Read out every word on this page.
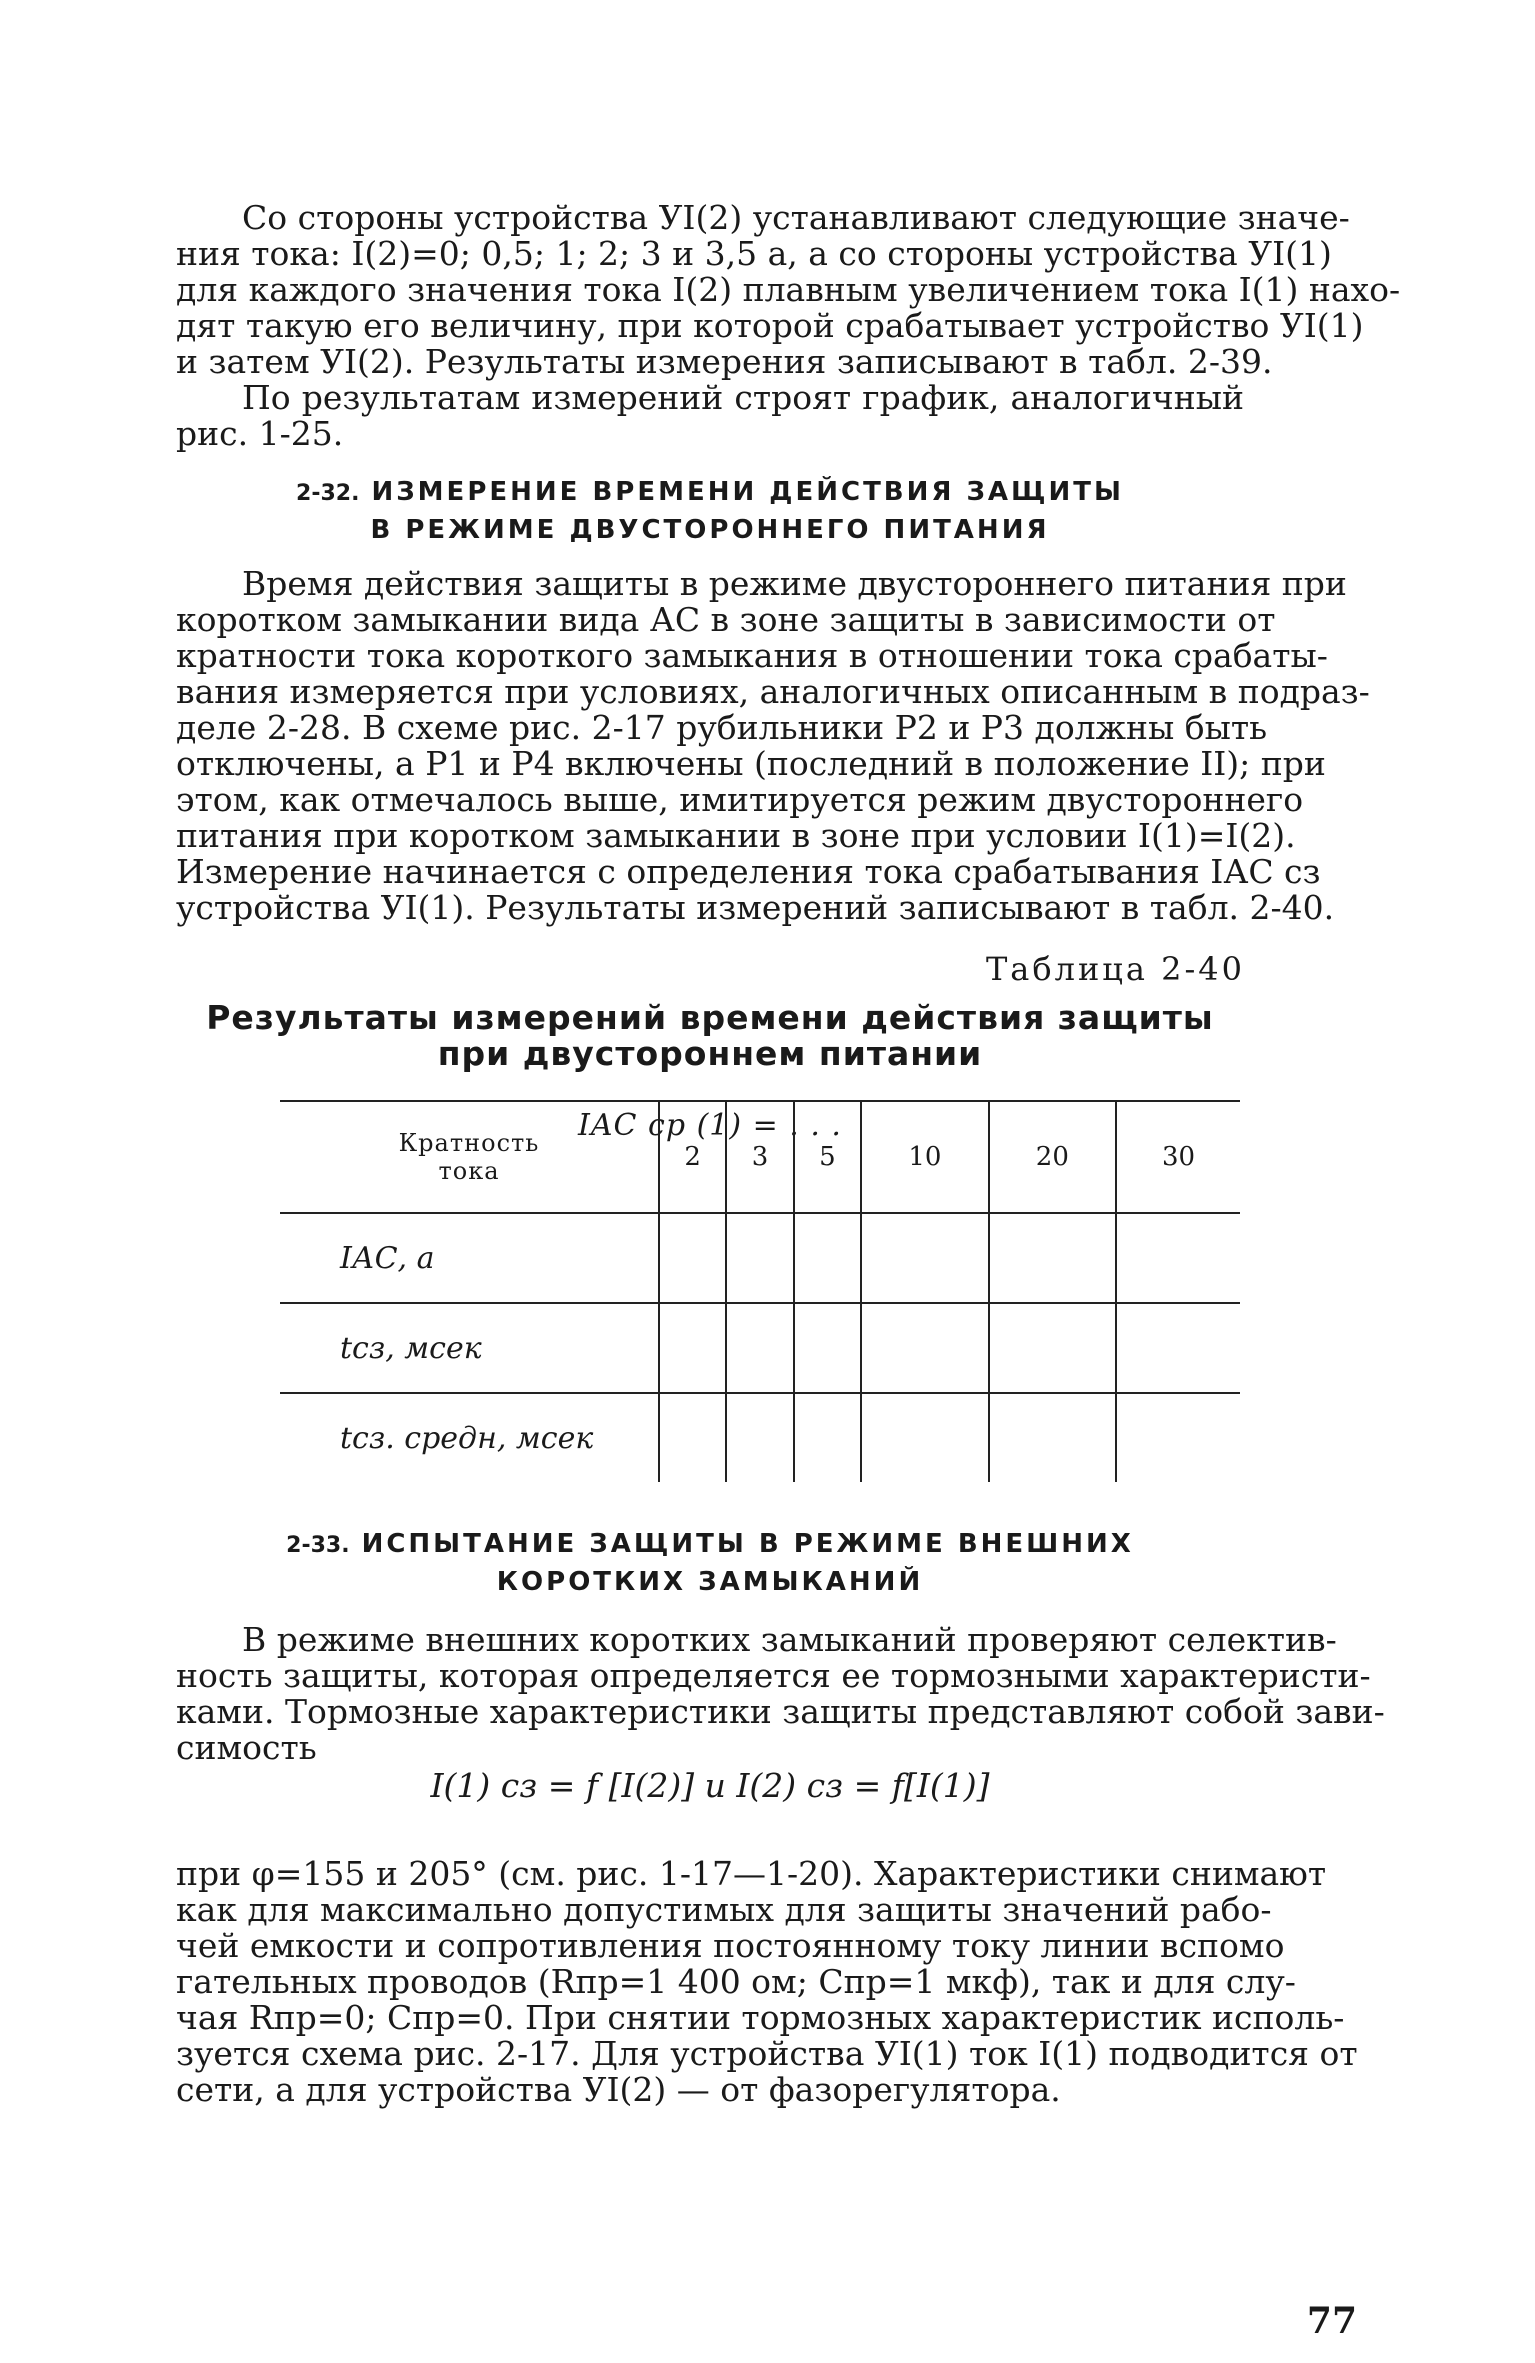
Со стороны устройства УI(2) устанавливают следующие значе-
ния тока: I(2)=0; 0,5; 1; 2; 3 и 3,5 а, а со стороны устройства УI(1)
для каждого значения тока I(2) плавным увеличением тока I(1) нахо-
дят такую его величину, при которой срабатывает устройство УI(1)
и затем УI(2). Результаты измерения записывают в табл. 2-39.
По результатам измерений строят график, аналогичный
рис. 1-25.
2-32. ИЗМЕРЕНИЕ ВРЕМЕНИ ДЕЙСТВИЯ ЗАЩИТЫ
В РЕЖИМЕ ДВУСТОРОННЕГО ПИТАНИЯ
Время действия защиты в режиме двустороннего питания при
коротком замыкании вида АС в зоне защиты в зависимости от
кратности тока короткого замыкания в отношении тока срабаты-
вания измеряется при условиях, аналогичных описанным в подраз-
деле 2-28. В схеме рис. 2-17 рубильники Р2 и Р3 должны быть
отключены, а Р1 и Р4 включены (последний в положение II); при
этом, как отмечалось выше, имитируется режим двустороннего
питания при коротком замыкании в зоне при условии I(1)=I(2).
Измерение начинается с определения тока срабатывания IАС сз
устройства УI(1). Результаты измерений записывают в табл. 2-40.
Таблица 2-40
Результаты измерений времени действия защиты
при двустороннем питании

IAC ср (1) = . . .
Кратность
тока	2	3	5	10	20	30
IАС, а						
tсз, мсек						
tсз. средн, мсек						
2-33. ИСПЫТАНИЕ ЗАЩИТЫ В РЕЖИМЕ ВНЕШНИХ
КОРОТКИХ ЗАМЫКАНИЙ
В режиме внешних коротких замыканий проверяют селектив-
ность защиты, которая определяется ее тормозными характеристи-
ками. Тормозные характеристики защиты представляют собой зави-
симость
I(1) сз = f [I(2)] и I(2) сз = f[I(1)]
при φ=155 и 205° (см. рис. 1-17—1-20). Характеристики снимают
как для максимально допустимых для защиты значений рабо-
чей емкости и сопротивления постоянному току линии вспомо
гательных проводов (Rпр=1 400 ом; Спр=1 мкф), так и для слу-
чая Rпр=0; Спр=0. При снятии тормозных характеристик исполь-
зуется схема рис. 2-17. Для устройства УI(1) ток I(1) подводится от
сети, а для устройства УI(2) — от фазорегулятора.
77
